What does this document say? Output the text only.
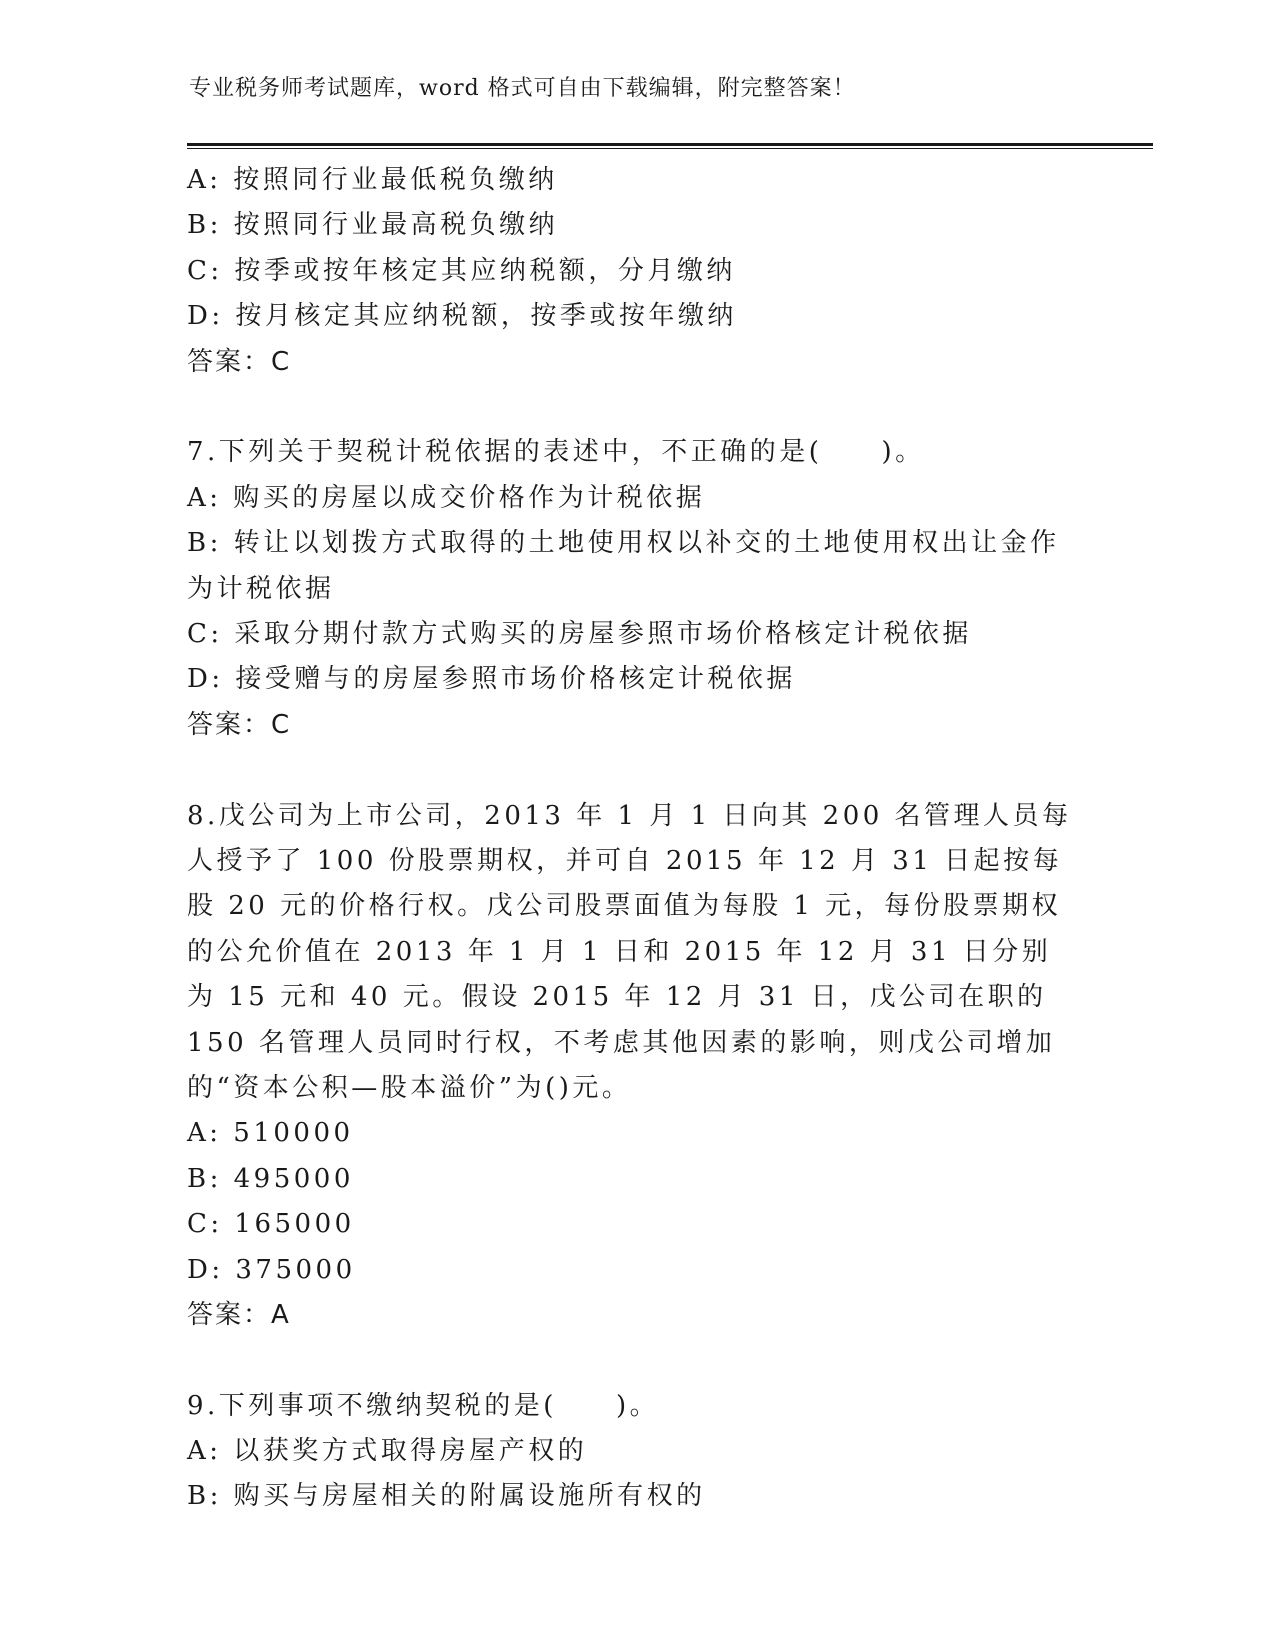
专业税务师考试题库，word 格式可自由下载编辑，附完整答案！
A: 按照同行业最低税负缴纳
B: 按照同行业最高税负缴纳
C: 按季或按年核定其应纳税额，分月缴纳
D: 按月核定其应纳税额，按季或按年缴纳
答案：C
7.下列关于契税计税依据的表述中，不正确的是(　　)。
A: 购买的房屋以成交价格作为计税依据
B: 转让以划拨方式取得的土地使用权以补交的土地使用权出让金作为计税依据
C: 采取分期付款方式购买的房屋参照市场价格核定计税依据
D: 接受赠与的房屋参照市场价格核定计税依据
答案：C
8.戊公司为上市公司，2013 年 1 月 1 日向其 200 名管理人员每人授予了 100 份股票期权，并可自 2015 年 12 月 31 日起按每股 20 元的价格行权。戊公司股票面值为每股 1 元，每份股票期权的公允价值在 2013 年 1 月 1 日和 2015 年 12 月 31 日分别为 15 元和 40 元。假设 2015 年 12 月 31 日，戊公司在职的 150 名管理人员同时行权，不考虑其他因素的影响，则戊公司增加的“资本公积—股本溢价”为()元。
A: 510000
B: 495000
C: 165000
D: 375000
答案：A
9.下列事项不缴纳契税的是(　　)。
A: 以获奖方式取得房屋产权的
B: 购买与房屋相关的附属设施所有权的
